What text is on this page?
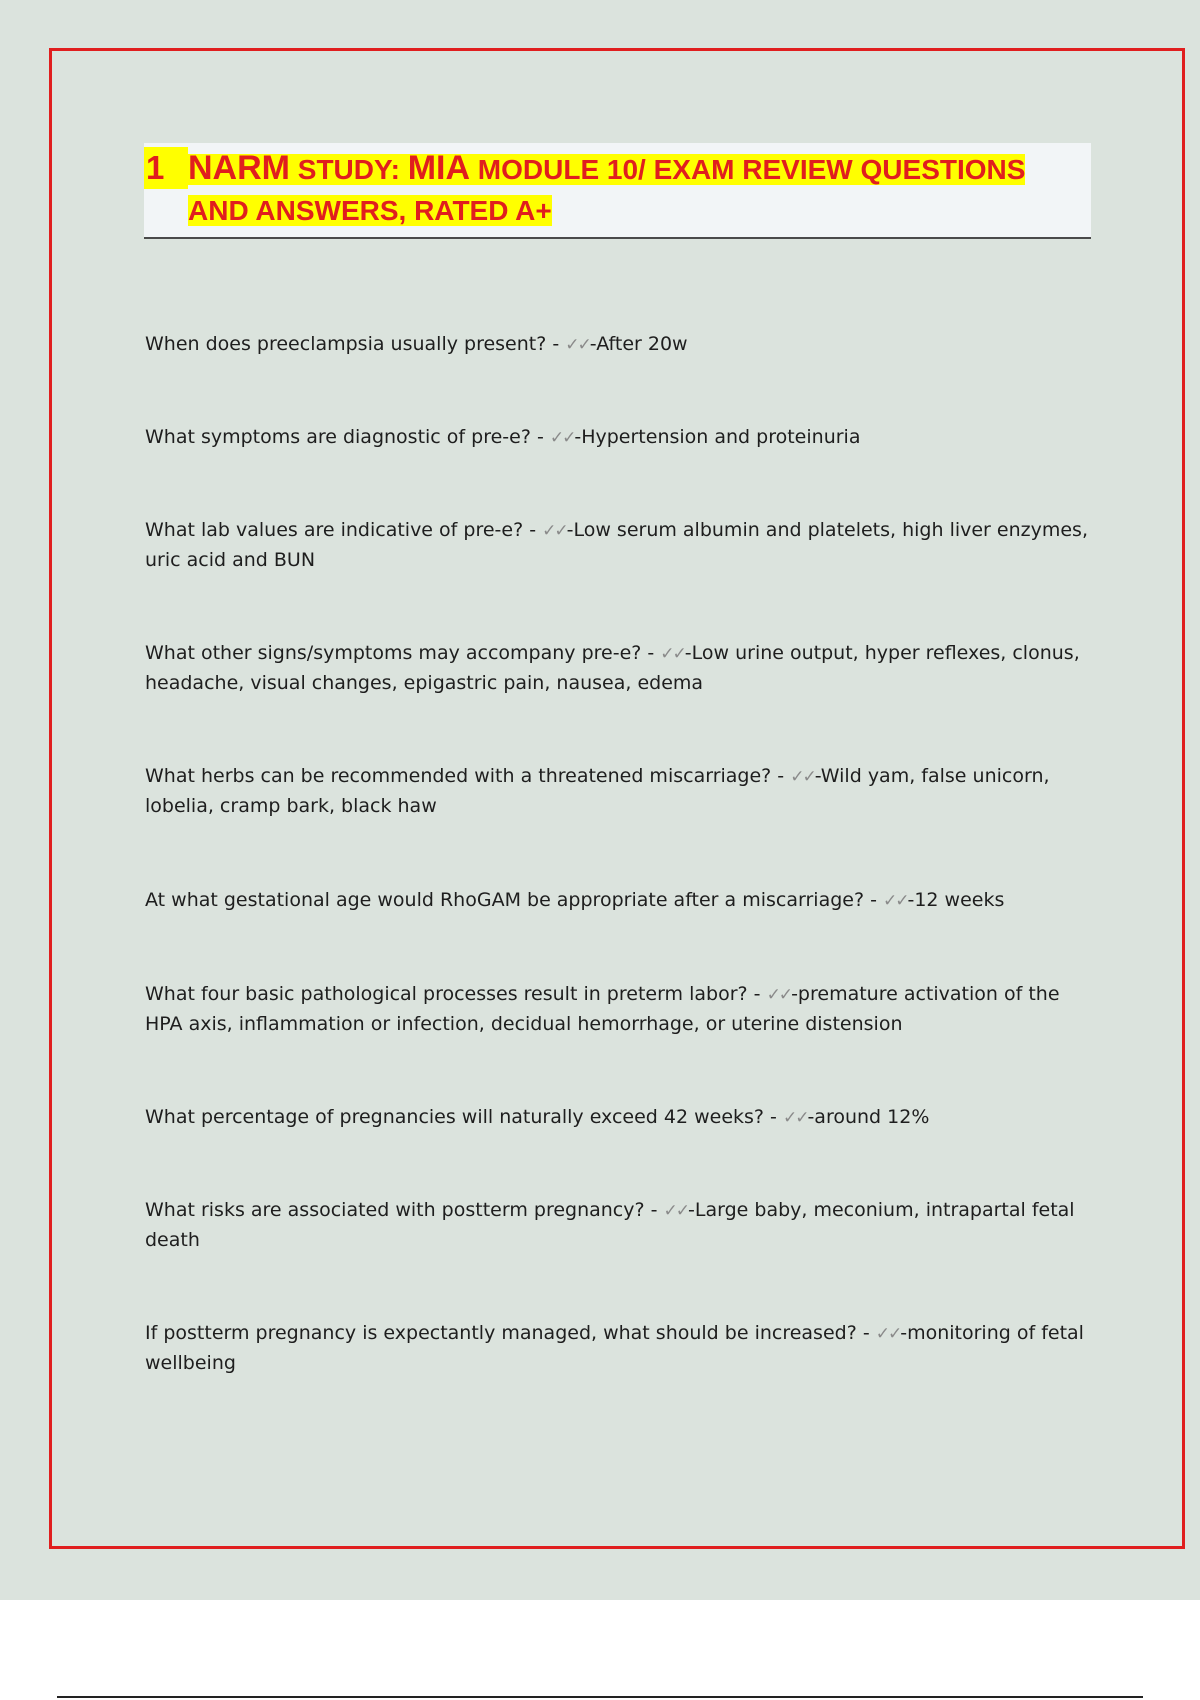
1 NARM STUDY: MIA MODULE 10/ EXAM REVIEW QUESTIONS
AND ANSWERS, RATED A+
When does preeclampsia usually present? - ✓✓-After 20w
What symptoms are diagnostic of pre-e? - ✓✓-Hypertension and proteinuria
What lab values are indicative of pre-e? - ✓✓-Low serum albumin and platelets, high liver enzymes, uric acid and BUN
What other signs/symptoms may accompany pre-e? - ✓✓-Low urine output, hyper reflexes, clonus, headache, visual changes, epigastric pain, nausea, edema
What herbs can be recommended with a threatened miscarriage? - ✓✓-Wild yam, false unicorn, lobelia, cramp bark, black haw
At what gestational age would RhoGAM be appropriate after a miscarriage? - ✓✓-12 weeks
What four basic pathological processes result in preterm labor? - ✓✓-premature activation of the HPA axis, inflammation or infection, decidual hemorrhage, or uterine distension
What percentage of pregnancies will naturally exceed 42 weeks? - ✓✓-around 12%
What risks are associated with postterm pregnancy? - ✓✓-Large baby, meconium, intrapartal fetal death
If postterm pregnancy is expectantly managed, what should be increased? - ✓✓-monitoring of fetal wellbeing
